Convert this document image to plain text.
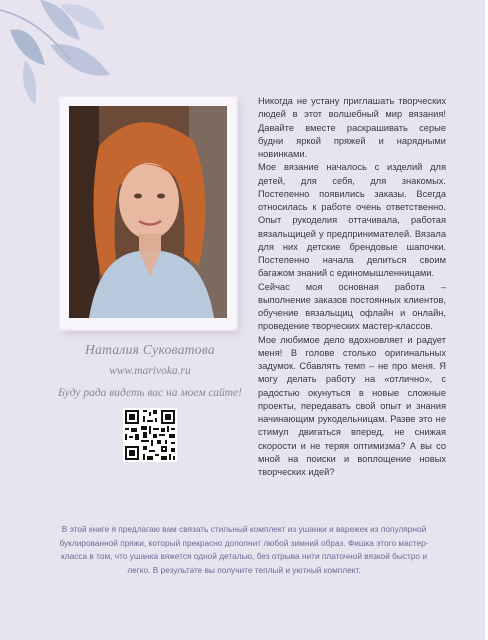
Наталия Суковатова
www.marivoka.ru
Буду рада видеть вас на моем сайте!

Никогда не устану приглашать творческих людей в этот волшебный мир вязания! Давайте вместе раскрашивать серые будни яркой пряжей и нарядными новинками.

Мое вязание началось с изделий для детей, для себя, для знакомых. Постепенно появились заказы. Всегда относилась к работе очень ответственно. Опыт рукоделия оттачивала, работая вязальщицей у предпринимателей. Вязала для них детские брендовые шапочки. Постепенно начала делиться своим багажом знаний с единомышленницами.

Сейчас моя основная работа – выполнение заказов постоянных клиентов, обучение вязальщиц офлайн и онлайн, проведение творческих мастер-классов.

Мое любимое дело вдохновляет и радует меня! В голове столько оригинальных задумок. Сбавлять темп – не про меня. Я могу делать работу на «отлично», с радостью окунуться в новые сложные проекты, передавать свой опыт и знания начинающим рукодельницам. Разве это не стимул двигаться вперед, не снижая скорости и не теряя оптимизма? А вы со мной на поиски и воплощение новых творческих идей?

В этой книге я предлагаю вам связать стильный комплект из ушанки и варежек из популярной буклированной пряжи, который прекрасно дополнит любой зимний образ. Фишка этого мастер-класса в том, что ушанка вяжется одной деталью, без отрыва нити платочной вязкой быстро и легко. В результате вы получите теплый и уютный комплект.
